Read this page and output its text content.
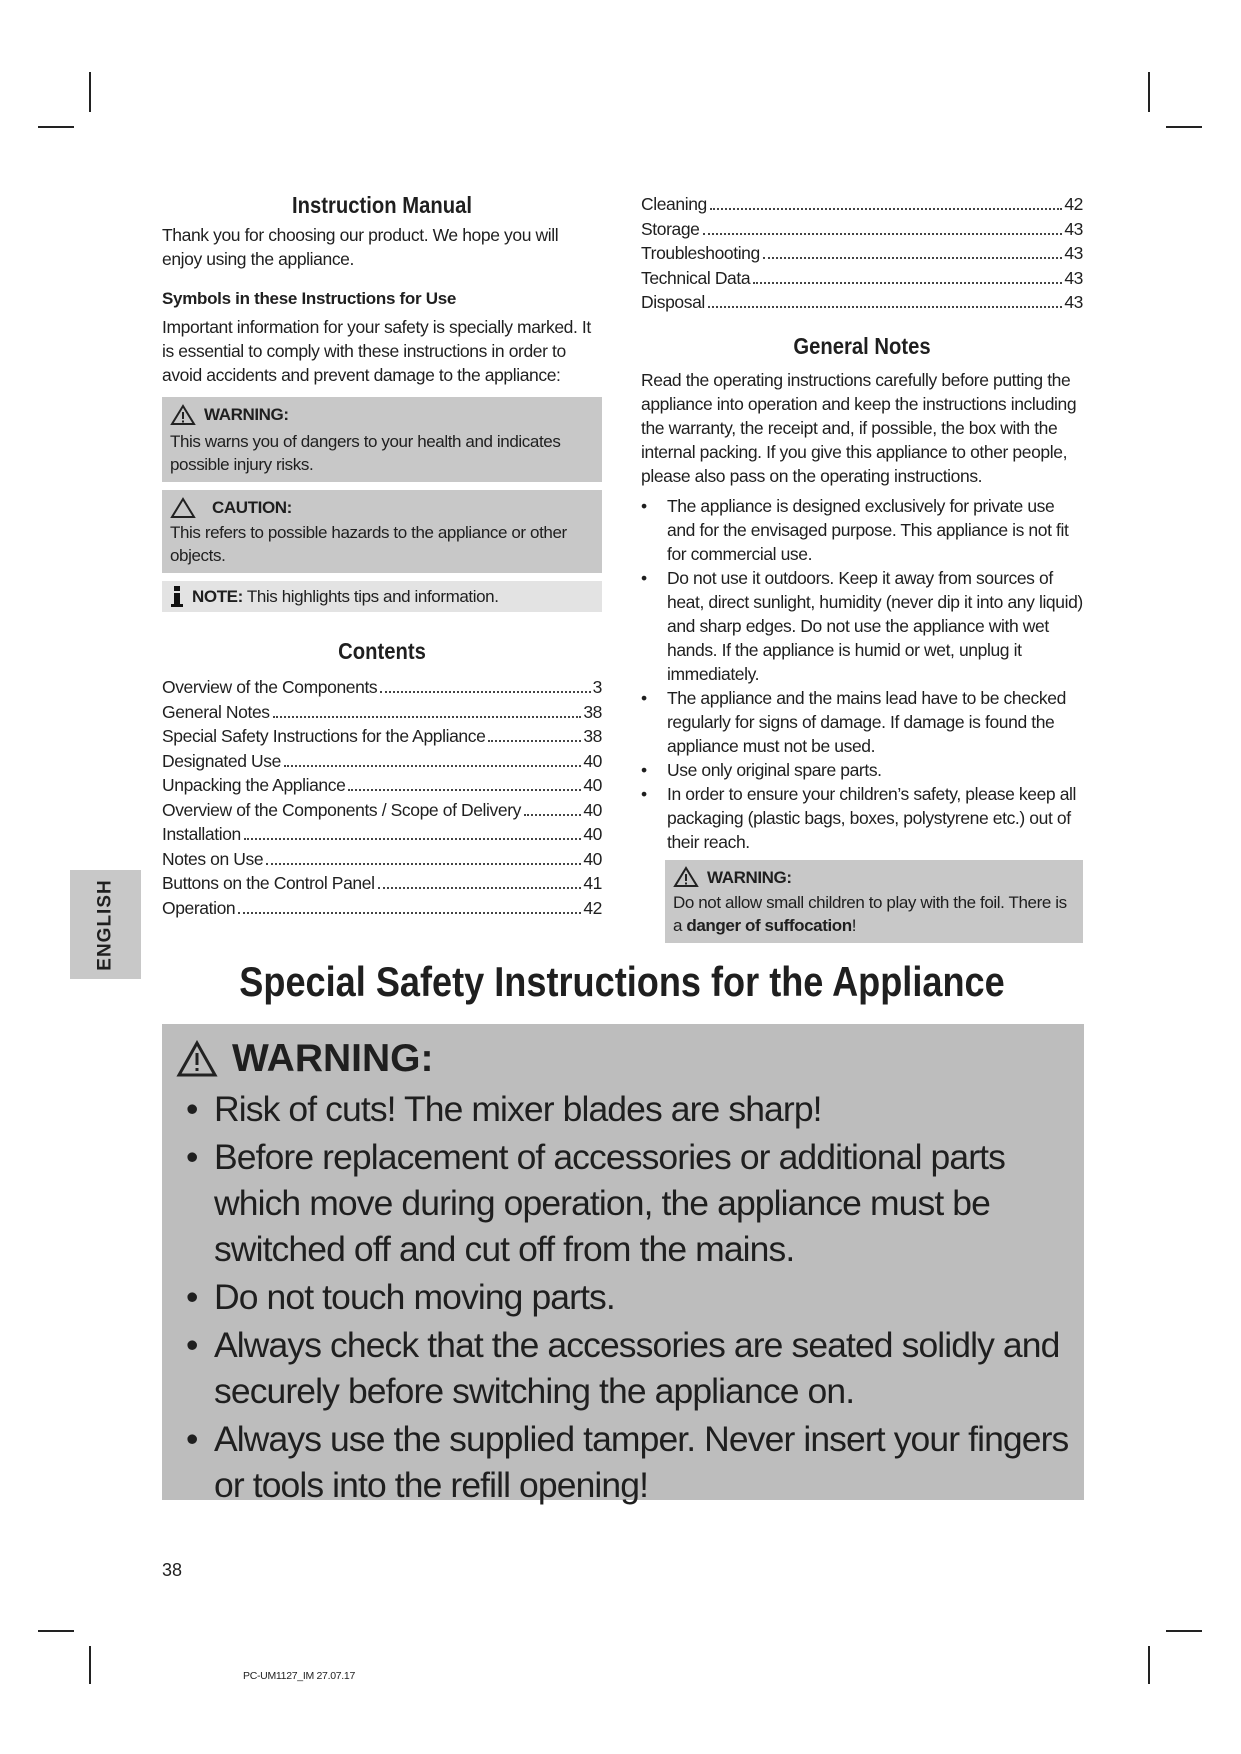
ENGLISH
Instruction Manual

Thank you for choosing our product. We hope you will enjoy using the appliance.

Symbols in these Instructions for Use

Important information for your safety is specially marked. It is essential to comply with these instructions in order to avoid accidents and prevent damage to the appliance:

WARNING:
This warns you of dangers to your health and indicates possible injury risks.
CAUTION:
This refers to possible hazards to the appliance or other objects.
NOTE: This highlights tips and information.
Contents
Overview of the Components	3
General Notes	38
Special Safety Instructions for the Appliance	38
Designated Use	40
Unpacking the Appliance	40
Overview of the Components / Scope of Delivery	40
Installation	40
Notes on Use	40
Buttons on the Control Panel	41
Operation	42
Cleaning	42
Storage	43
Troubleshooting	43
Technical Data	43
Disposal	43
General Notes

Read the operating instructions carefully before putting the appliance into operation and keep the instructions including the warranty, the receipt and, if possible, the box with the internal packing. If you give this appliance to other people, please also pass on the operating instructions.

• The appliance is designed exclusively for private use and for the envisaged purpose. This appliance is not fit for commercial use.
• Do not use it outdoors. Keep it away from sources of heat, direct sunlight, humidity (never dip it into any liquid) and sharp edges. Do not use the appliance with wet hands. If the appliance is humid or wet, unplug it immediately.
• The appliance and the mains lead have to be checked regularly for signs of damage. If damage is found the appliance must not be used.
• Use only original spare parts.
• In order to ensure your children’s safety, please keep all packaging (plastic bags, boxes, polystyrene etc.) out of their reach.
WARNING:
Do not allow small children to play with the foil. There is a danger of suffocation!
Special Safety Instructions for the Appliance
WARNING:
• Risk of cuts! The mixer blades are sharp!
• Before replacement of accessories or additional parts which move during operation, the appliance must be switched off and cut off from the mains.
• Do not touch moving parts.
• Always check that the accessories are seated solidly and securely before switching the appliance on.
• Always use the supplied tamper. Never insert your fingers or tools into the refill opening!
38
PC-UM1127_IM 27.07.17
